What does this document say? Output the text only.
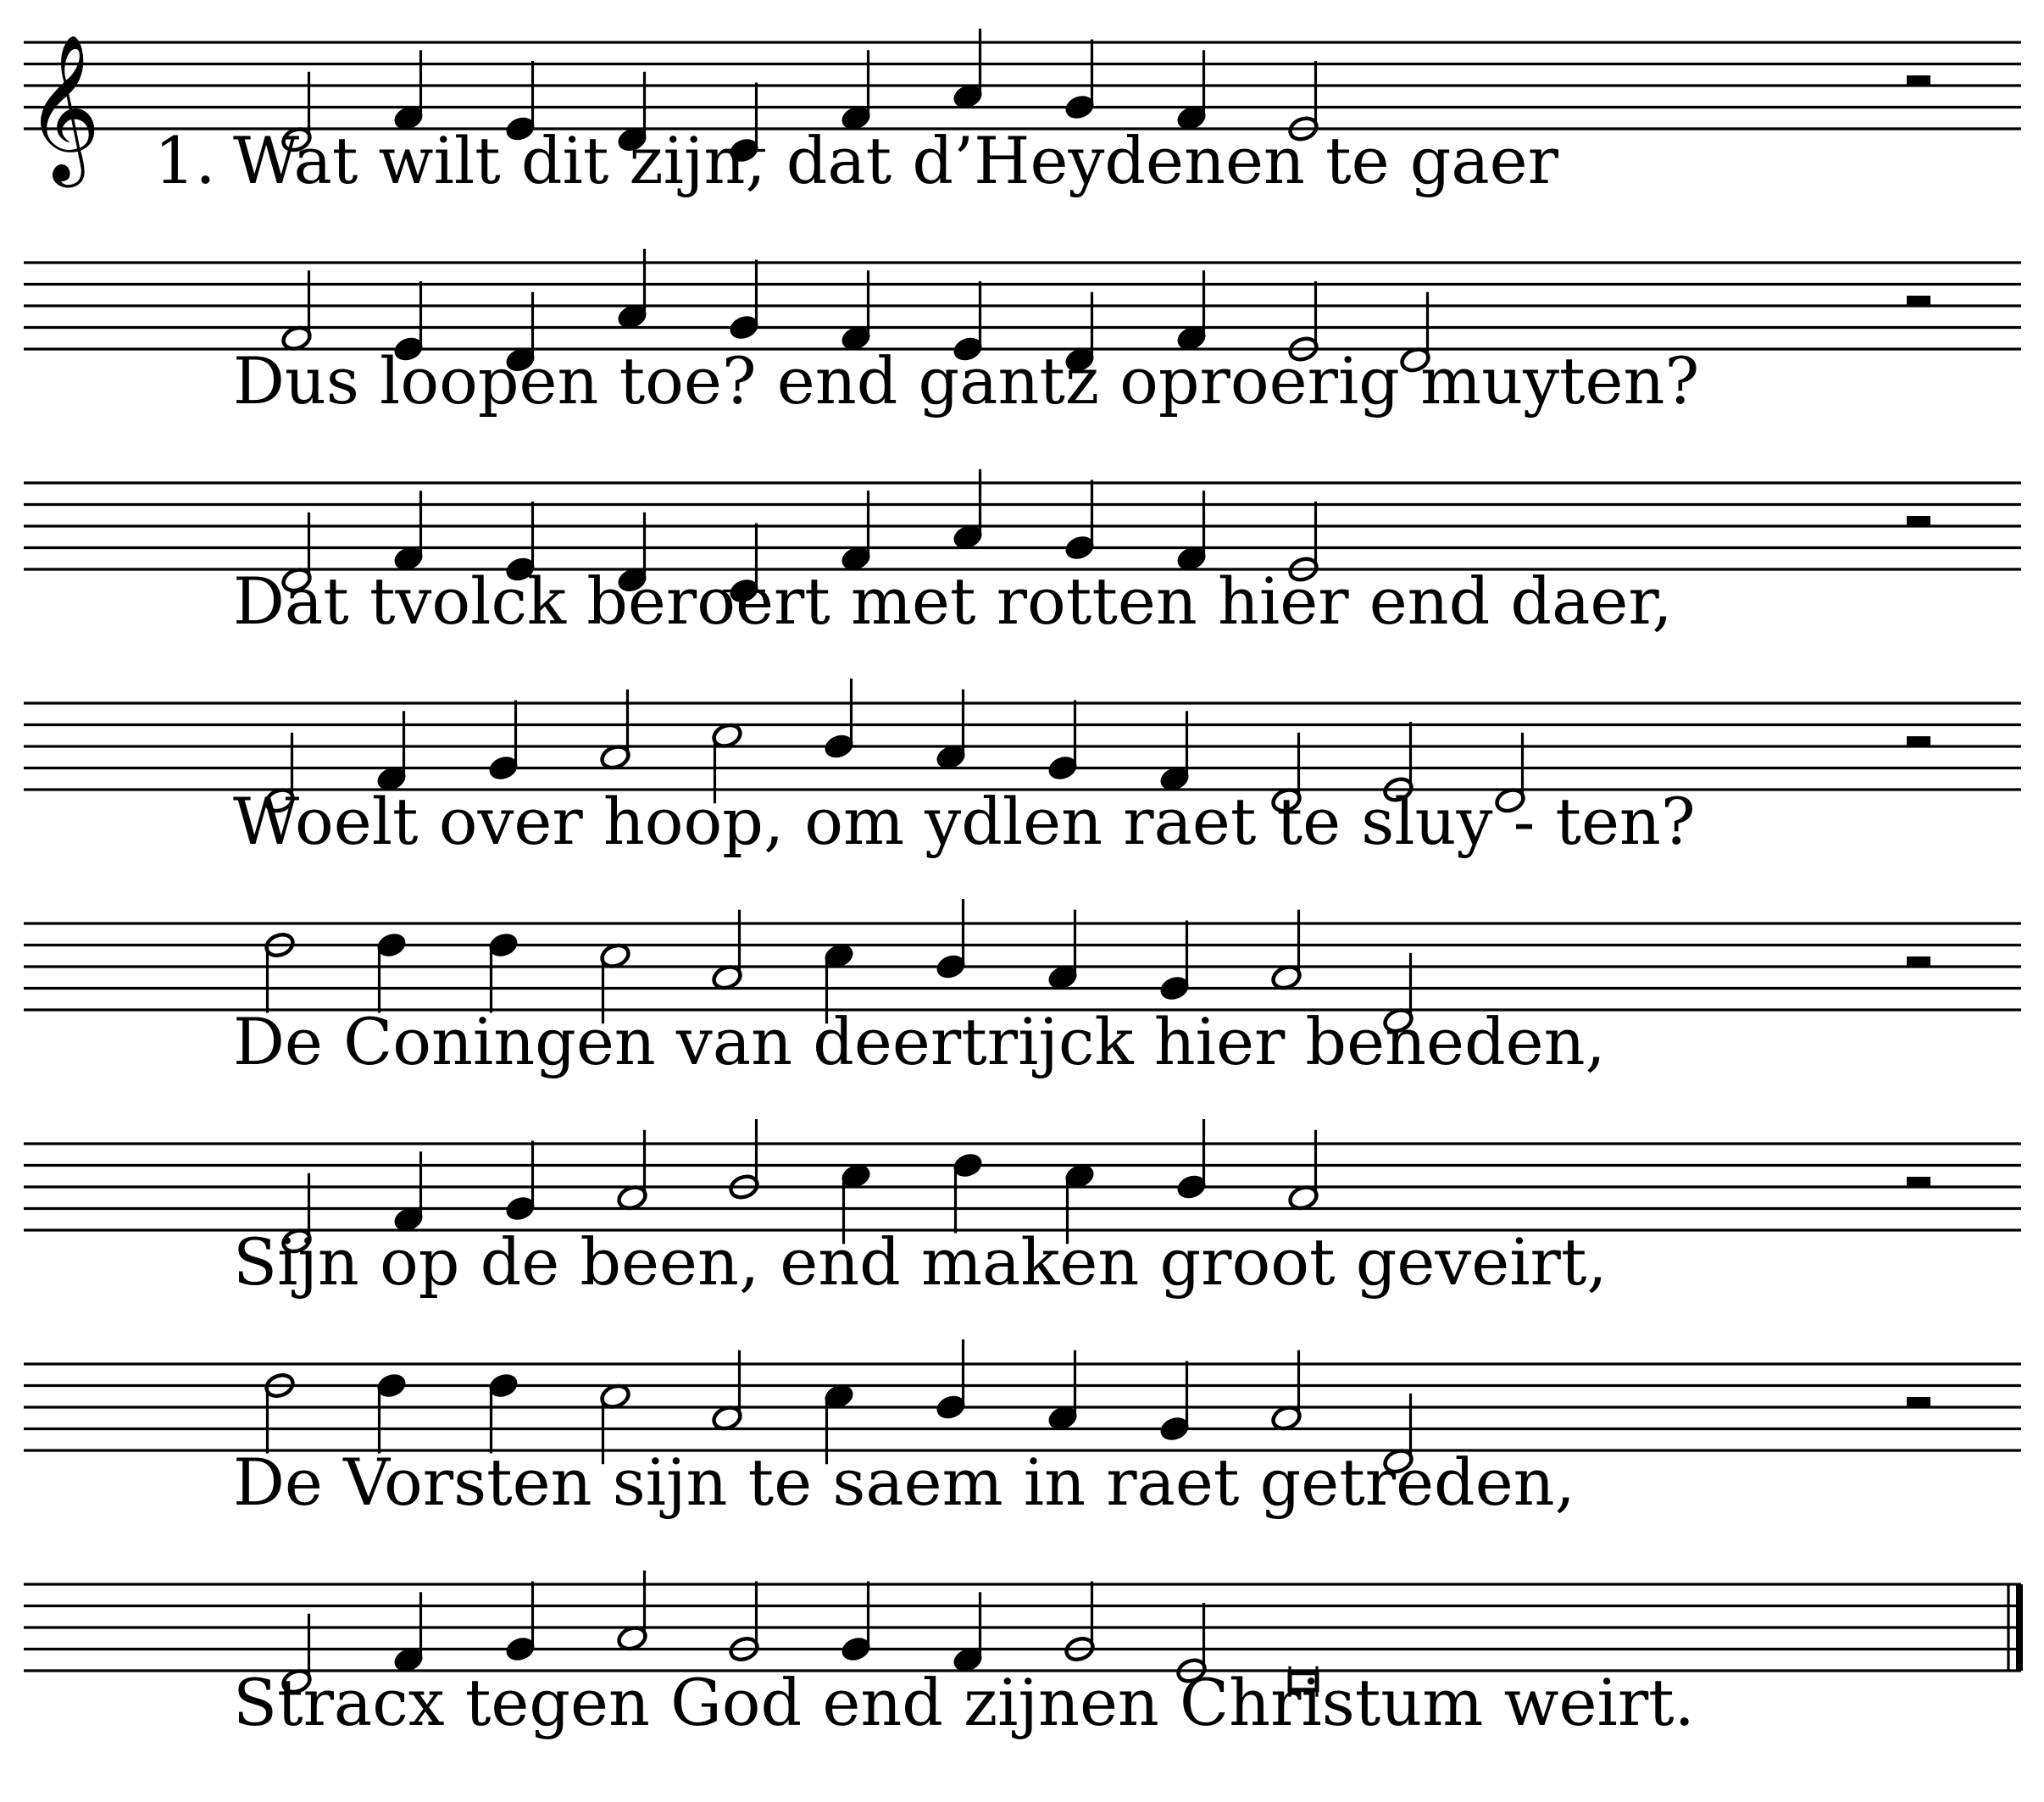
𝄞 1. Wat wilt dit zijn, dat d’Heydenen te gaer
Dus loopen toe? end gantz oproerig muyten?
Dat tvolck beroert met rotten hier end daer,
Woelt over hoop, om ydlen raet te sluy - ten?
De Coningen van deertrijck hier beneden,
Sijn op de been, end maken groot geveirt,
De Vorsten sijn te saem in raet getreden,
Stracx tegen God end zijnen Christum weirt.
